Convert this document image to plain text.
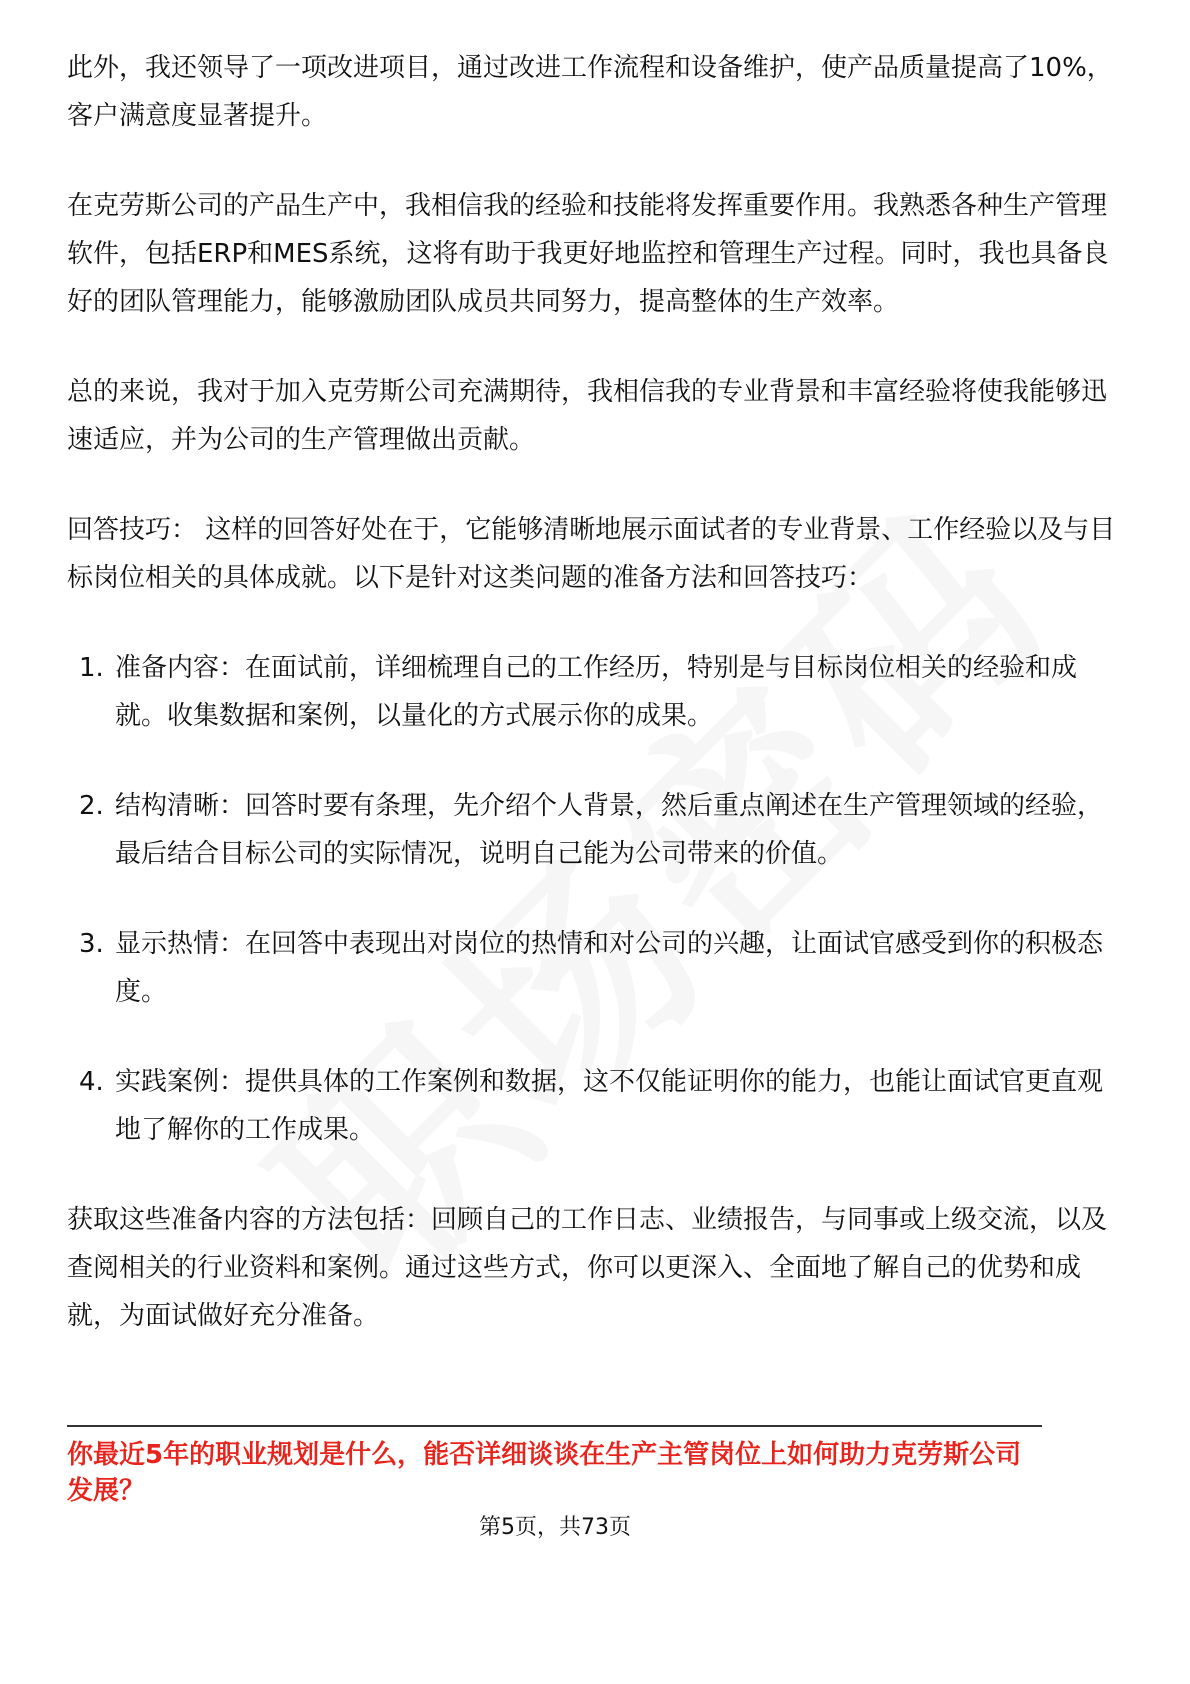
此外，我还领导了一项改进项目，通过改进工作流程和设备维护，使产品质量提高了10%，客户满意度显著提升。

在克劳斯公司的产品生产中，我相信我的经验和技能将发挥重要作用。我熟悉各种生产管理软件，包括ERP和MES系统，这将有助于我更好地监控和管理生产过程。同时，我也具备良好的团队管理能力，能够激励团队成员共同努力，提高整体的生产效率。

总的来说，我对于加入克劳斯公司充满期待，我相信我的专业背景和丰富经验将使我能够迅速适应，并为公司的生产管理做出贡献。

回答技巧： 这样的回答好处在于，它能够清晰地展示面试者的专业背景、工作经验以及与目标岗位相关的具体成就。以下是针对这类问题的准备方法和回答技巧：

1. 准备内容：在面试前，详细梳理自己的工作经历，特别是与目标岗位相关的经验和成就。收集数据和案例，以量化的方式展示你的成果。
2. 结构清晰：回答时要有条理，先介绍个人背景，然后重点阐述在生产管理领域的经验，最后结合目标公司的实际情况，说明自己能为公司带来的价值。
3. 显示热情：在回答中表现出对岗位的热情和对公司的兴趣，让面试官感受到你的积极态度。
4. 实践案例：提供具体的工作案例和数据，这不仅能证明你的能力，也能让面试官更直观地了解你的工作成果。

获取这些准备内容的方法包括：回顾自己的工作日志、业绩报告，与同事或上级交流，以及查阅相关的行业资料和案例。通过这些方式，你可以更深入、全面地了解自己的优势和成就，为面试做好充分准备。

你最近5年的职业规划是什么，能否详细谈谈在生产主管岗位上如何助力克劳斯公司发展？

第5页，共73页
